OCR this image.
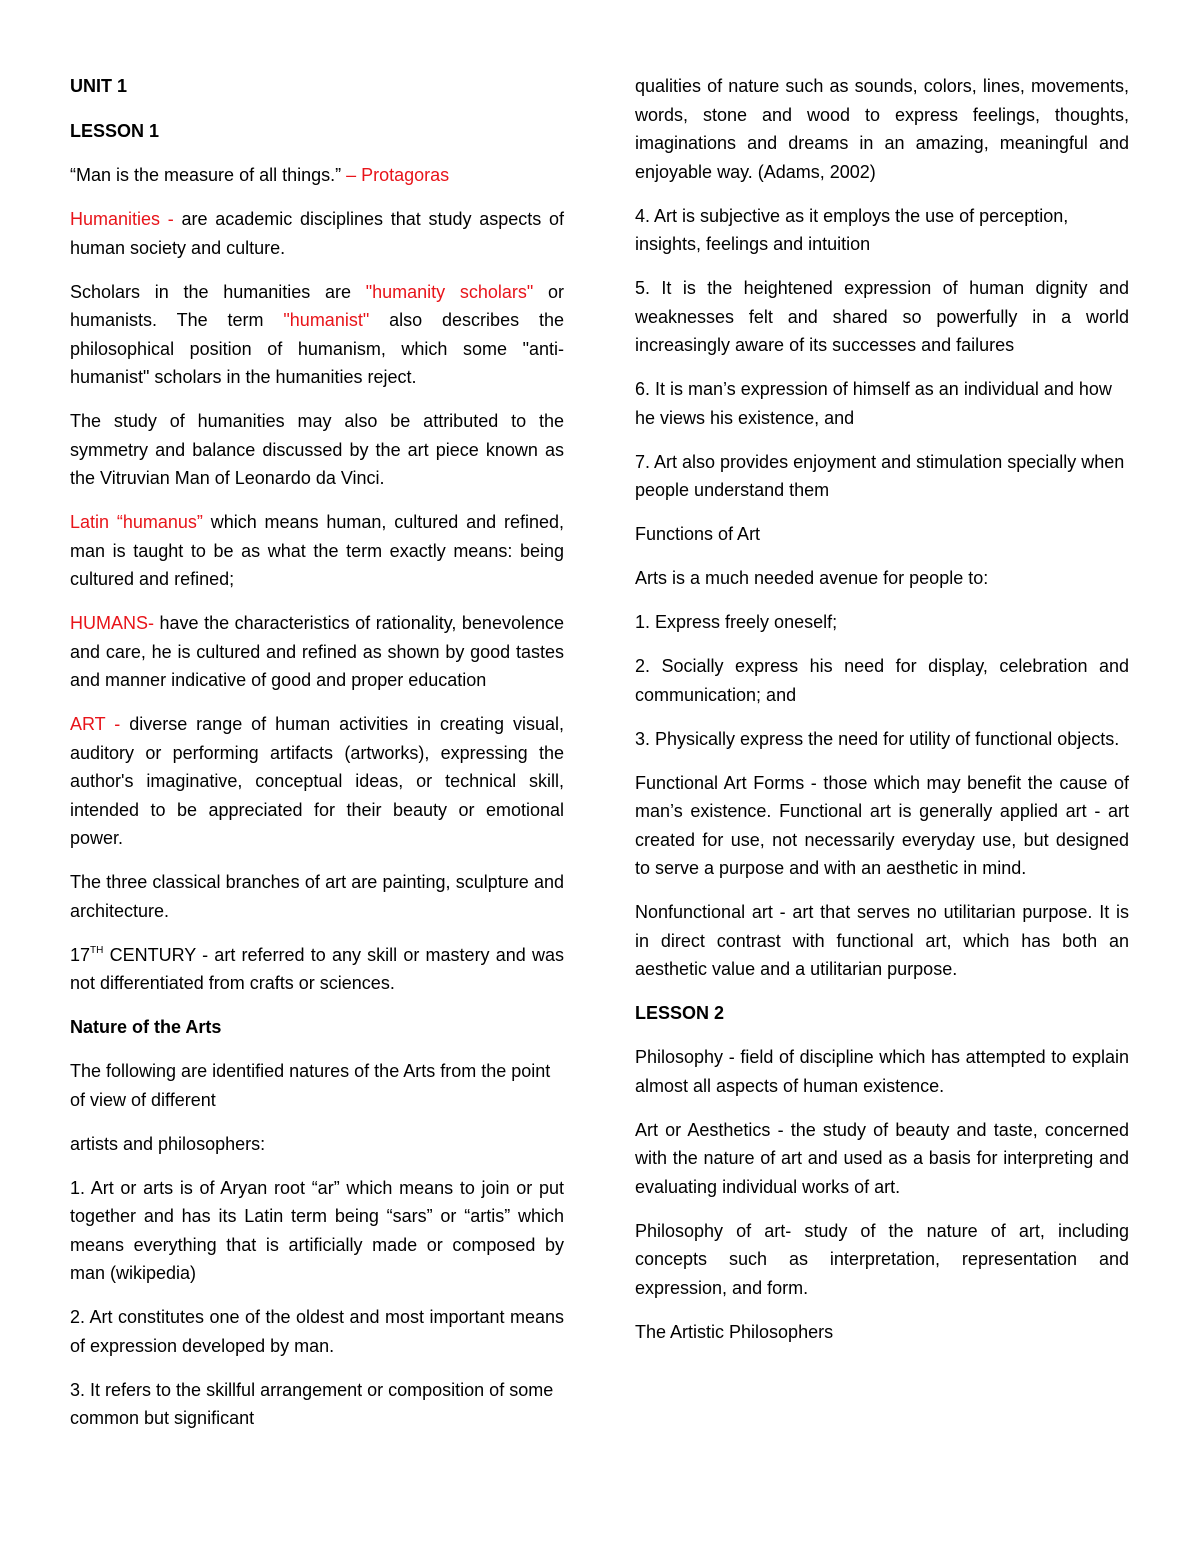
UNIT 1
LESSON 1

“Man is the measure of all things.” – Protagoras

Humanities - are academic disciplines that study aspects of human society and culture.

Scholars in the humanities are "humanity scholars" or humanists. The term "humanist" also describes the philosophical position of humanism, which some "anti-humanist" scholars in the humanities reject.

The study of humanities may also be attributed to the symmetry and balance discussed by the art piece known as the Vitruvian Man of Leonardo da Vinci.

Latin “humanus” which means human, cultured and refined, man is taught to be as what the term exactly means: being cultured and refined;

HUMANS- have the characteristics of rationality, benevolence and care, he is cultured and refined as shown by good tastes and manner indicative of good and proper education

ART - diverse range of human activities in creating visual, auditory or performing artifacts (artworks), expressing the author's imaginative, conceptual ideas, or technical skill, intended to be appreciated for their beauty or emotional power.

The three classical branches of art are painting, sculpture and architecture.

17TH CENTURY - art referred to any skill or mastery and was not differentiated from crafts or sciences.

Nature of the Arts

The following are identified natures of the Arts from the point of view of different

artists and philosophers:

1. Art or arts is of Aryan root “ar” which means to join or put together and has its Latin term being “sars” or “artis” which means everything that is artificially made or composed by man (wikipedia)

2. Art constitutes one of the oldest and most important means of expression developed by man.

3. It refers to the skillful arrangement or composition of some common but significant

qualities of nature such as sounds, colors, lines, movements, words, stone and wood to express feelings, thoughts, imaginations and dreams in an amazing, meaningful and enjoyable way. (Adams, 2002)

4. Art is subjective as it employs the use of perception, insights, feelings and intuition

5. It is the heightened expression of human dignity and weaknesses felt and shared so powerfully in a world increasingly aware of its successes and failures

6. It is man’s expression of himself as an individual and how he views his existence, and

7. Art also provides enjoyment and stimulation specially when people understand them

Functions of Art

Arts is a much needed avenue for people to:

1. Express freely oneself;

2. Socially express his need for display, celebration and communication; and

3. Physically express the need for utility of functional objects.

Functional Art Forms - those which may benefit the cause of man’s existence. Functional art is generally applied art - art created for use, not necessarily everyday use, but designed to serve a purpose and with an aesthetic in mind.

Nonfunctional art - art that serves no utilitarian purpose. It is in direct contrast with functional art, which has both an aesthetic value and a utilitarian purpose.

LESSON 2

Philosophy - field of discipline which has attempted to explain almost all aspects of human existence.

Art or Aesthetics - the study of beauty and taste, concerned with the nature of art and used as a basis for interpreting and evaluating individual works of art.

Philosophy of art- study of the nature of art, including concepts such as interpretation, representation and expression, and form.

The Artistic Philosophers
